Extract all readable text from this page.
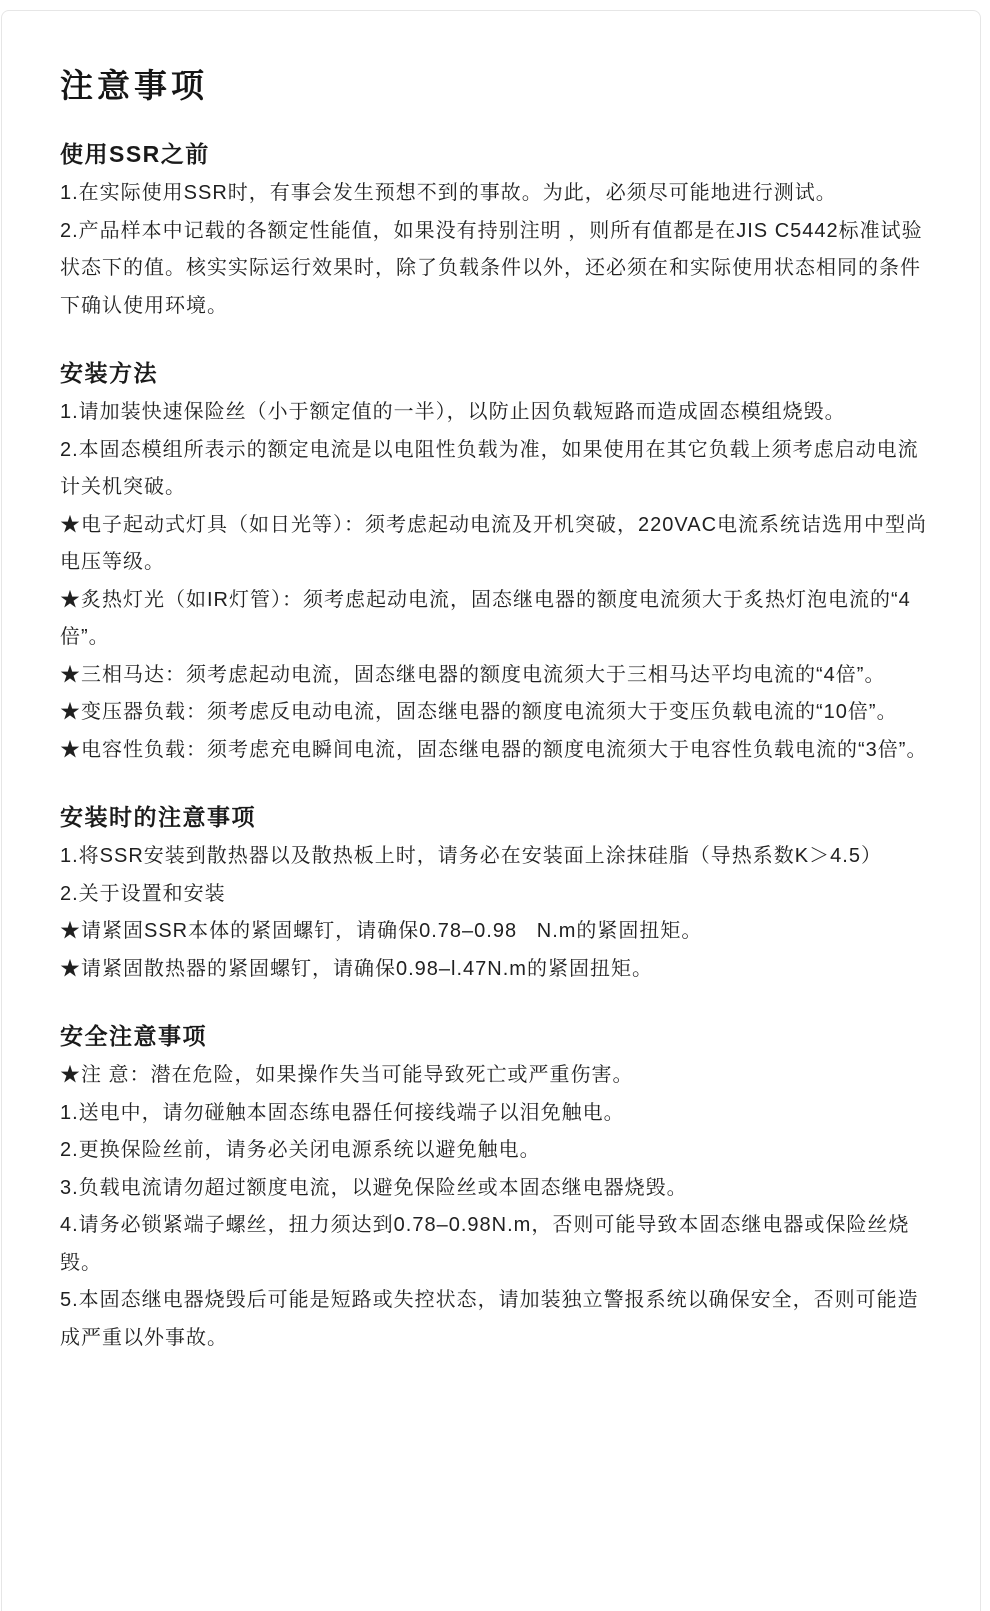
注意事项
使用SSR之前

1.在实际使用SSR时，有事会发生预想不到的事故。为此，必须尽可能地进行测试。

2.产品样本中记载的各额定性能值，如果没有持别注明 ，则所有值都是在JIS C5442标准试验状态下的值。核实实际运行效果时，除了负载条件以外，还必须在和实际使用状态相同的条件下确认使用环境。

安装方法

1.请加装快速保险丝（小于额定值的一半），以防止因负载短路而造成固态模组烧毁。

2.本固态模组所表示的额定电流是以电阻性负载为准，如果使用在其它负载上须考虑启动电流计关机突破。

★电子起动式灯具（如日光等）：须考虑起动电流及开机突破，220VAC电流系统诘选用中型尚电压等级。

★炙热灯光（如IR灯管）：须考虑起动电流，固态继电器的额度电流须大于炙热灯泡电流的“4倍”。

★三相马达：须考虑起动电流，固态继电器的额度电流须大于三相马达平均电流的“4倍”。

★变压器负载：须考虑反电动电流，固态继电器的额度电流须大于变压负载电流的“10倍”。

★电容性负载：须考虑充电瞬间电流，固态继电器的额度电流须大于电容性负载电流的“3倍”。

安装时的注意事项

1.将SSR安装到散热器以及散热板上时，请务必在安装面上涂抹硅脂（导热系数K＞4.5）

2.关于设置和安装

★请紧固SSR本体的紧固螺钉，请确保0.78–0.98   N.m的紧固扭矩。

★请紧固散热器的紧固螺钉，请确保0.98–l.47N.m的紧固扭矩。

安全注意事项

★注 意：潜在危险，如果操作失当可能导致死亡或严重伤害。

1.送电中，请勿碰触本固态练电器任何接线端子以泪免触电。

2.更换保险丝前，请务必关闭电源系统以避免触电。

3.负载电流请勿超过额度电流，以避免保险丝或本固态继电器烧毁。

4.请务必锁紧端子螺丝，扭力须达到0.78–0.98N.m，否则可能导致本固态继电器或保险丝烧毁。

5.本固态继电器烧毁后可能是短路或失控状态，请加装独立警报系统以确保安全，否则可能造成严重以外事故。
